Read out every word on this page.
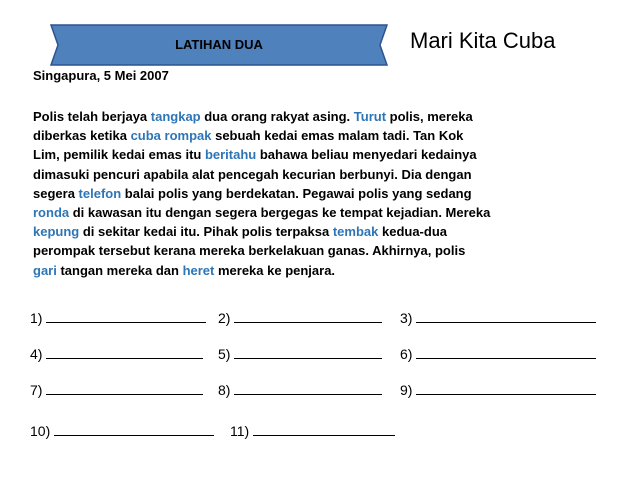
LATIHAN DUA	Mari Kita Cuba
Singapura, 5 Mei 2007
Polis telah berjaya tangkap dua orang rakyat asing. Turut polis, mereka
diberkas ketika cuba rompak sebuah kedai emas malam tadi. Tan Kok
Lim, pemilik kedai emas itu beritahu bahawa beliau menyedari kedainya
dimasuki pencuri apabila alat pencegah kecurian berbunyi. Dia dengan
segera telefon balai polis yang berdekatan. Pegawai polis yang sedang
ronda di kawasan itu dengan segera bergegas ke tempat kejadian. Mereka
kepung di sekitar kedai itu. Pihak polis terpaksa tembak kedua-dua
perompak tersebut kerana mereka berkelakuan ganas. Akhirnya, polis
gari tangan mereka dan heret mereka ke penjara.
1)	2)	3)
4)	5)	6)
7)	8)	9)
10)	11)
